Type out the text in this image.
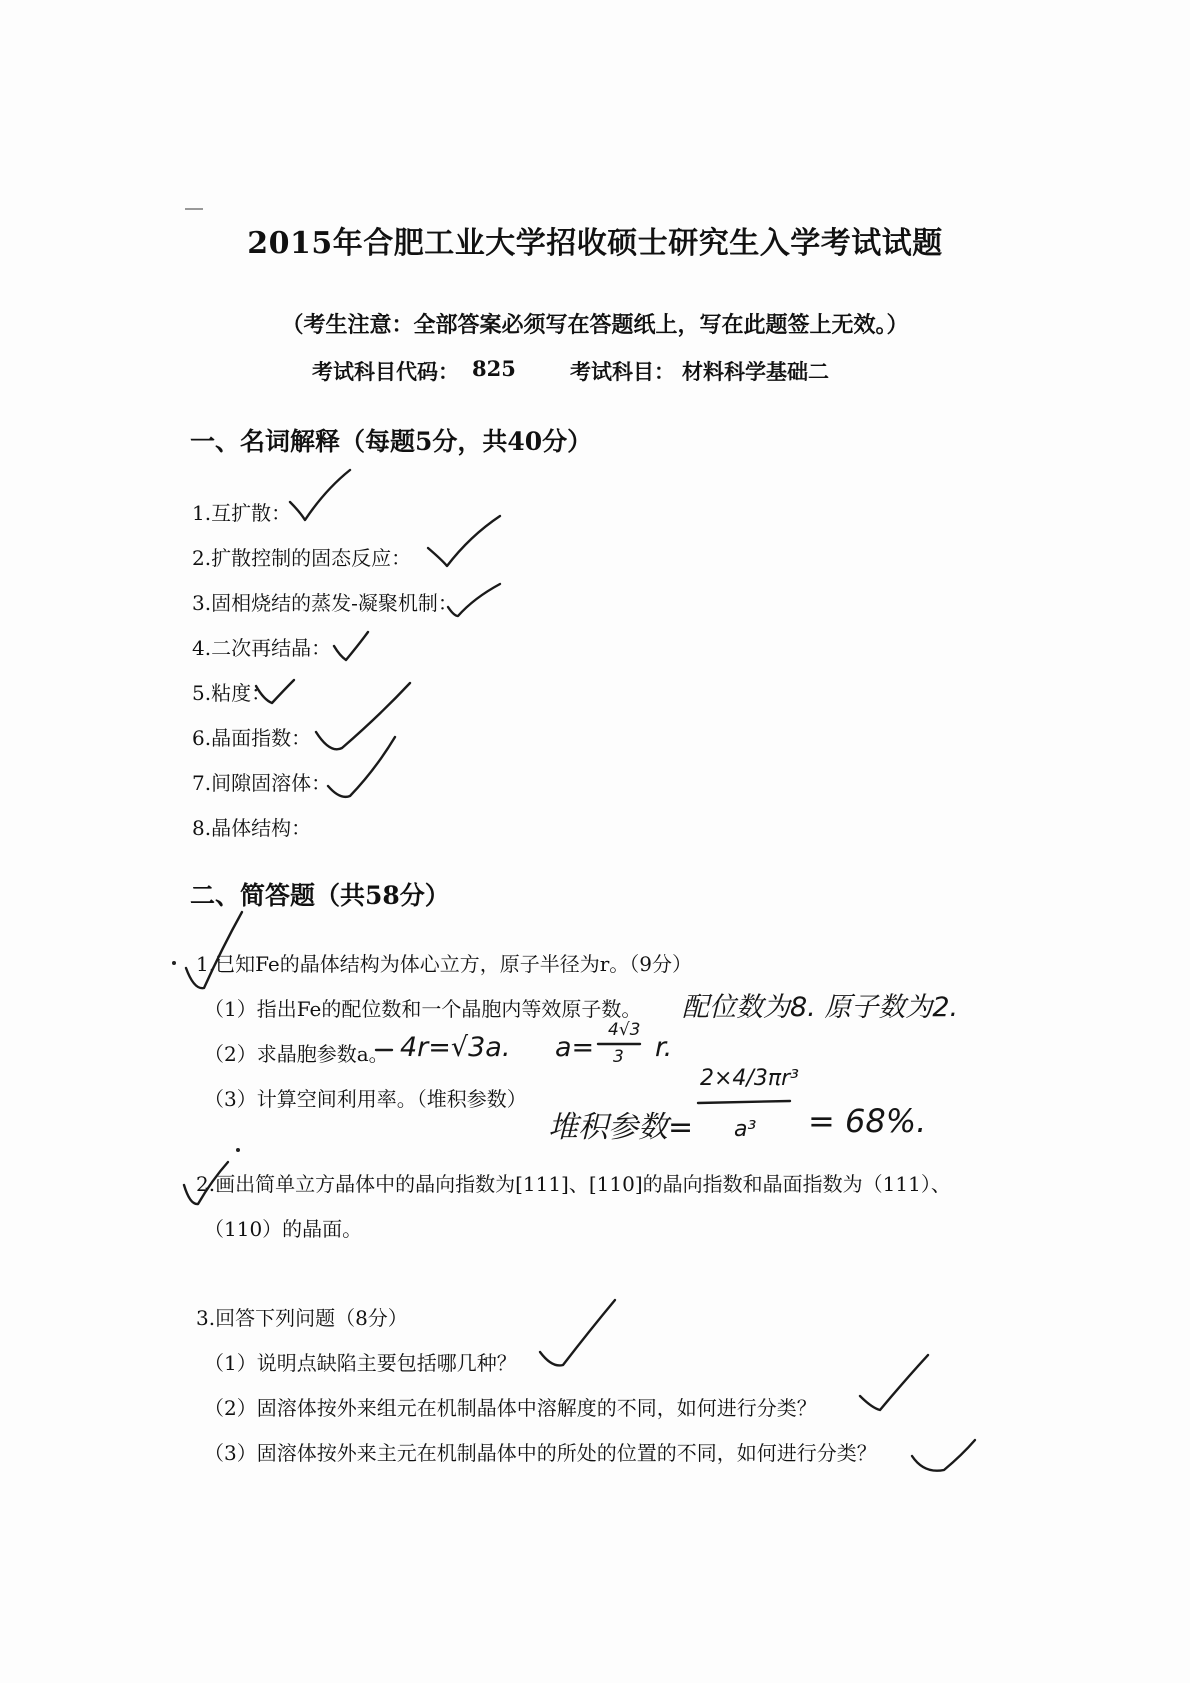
2015年合肥工业大学招收硕士研究生入学考试试题
（考生注意：全部答案必须写在答题纸上，写在此题签上无效。）
考试科目代码： 825	考试科目： 材料科学基础二
一、名词解释（每题5分，共40分）
1.互扩散：
2.扩散控制的固态反应：
3.固相烧结的蒸发-凝聚机制：
4.二次再结晶：
5.粘度：
6.晶面指数：
7.间隙固溶体：
8.晶体结构：
二、简答题（共58分）
1.已知Fe的晶体结构为体心立方，原子半径为r。（9分）
（1）指出Fe的配位数和一个晶胞内等效原子数。
（2）求晶胞参数a。
（3）计算空间利用率。（堆积参数）
配位数为8. 原子数为2.
4r=√3a. a=
4√3
3 r.
堆积参数=
2×4/3πr³
a³ = 68%.
2.画出简单立方晶体中的晶向指数为[111]、[110]的晶向指数和晶面指数为（111）、
（110）的晶面。
3.回答下列问题（8分）
（1）说明点缺陷主要包括哪几种？
（2）固溶体按外来组元在机制晶体中溶解度的不同，如何进行分类？
（3）固溶体按外来主元在机制晶体中的所处的位置的不同，如何进行分类？
